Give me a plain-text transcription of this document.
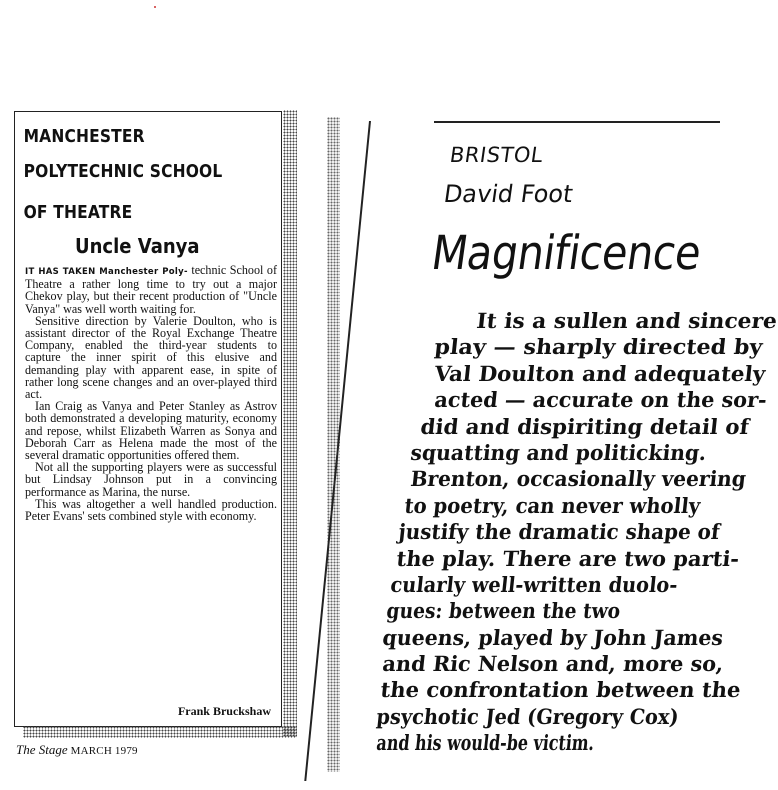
MANCHESTER
POLYTECHNIC SCHOOL
OF THEATRE
Uncle Vanya

IT HAS TAKEN Manchester Poly- technic School of Theatre a rather long time to try out a major Chekov play, but their recent production of "Uncle Vanya" was well worth waiting for.

Sensitive direction by Valerie Doulton, who is assistant director of the Royal Exchange Theatre Company, enabled the third-year students to capture the inner spirit of this elusive and demanding play with apparent ease, in spite of rather long scene changes and an over-played third act.

Ian Craig as Vanya and Peter Stanley as Astrov both demonstrated a developing maturity, economy and repose, whilst Elizabeth Warren as Sonya and Deborah Carr as Helena made the most of the several dramatic opportunities offered them.

Not all the supporting players were as successful but Lindsay Johnson put in a convincing performance as Marina, the nurse.

This was altogether a well handled production. Peter Evans' sets combined style with economy.

Frank Bruckshaw
The Stage MARCH 1979
BRISTOL
David Foot
Magnificence
It is a sullen and sincere
play — sharply directed by
Val Doulton and adequately
acted — accurate on the sor-
did and dispiriting detail of
squatting and politicking.
Brenton, occasionally veering
to poetry, can never wholly
justify the dramatic shape of
the play. There are two parti-
cularly well-written duolo-
gues: between the two
queens, played by John James
and Ric Nelson and, more so,
the confrontation between the
psychotic Jed (Gregory Cox)
and his would-be victim.
